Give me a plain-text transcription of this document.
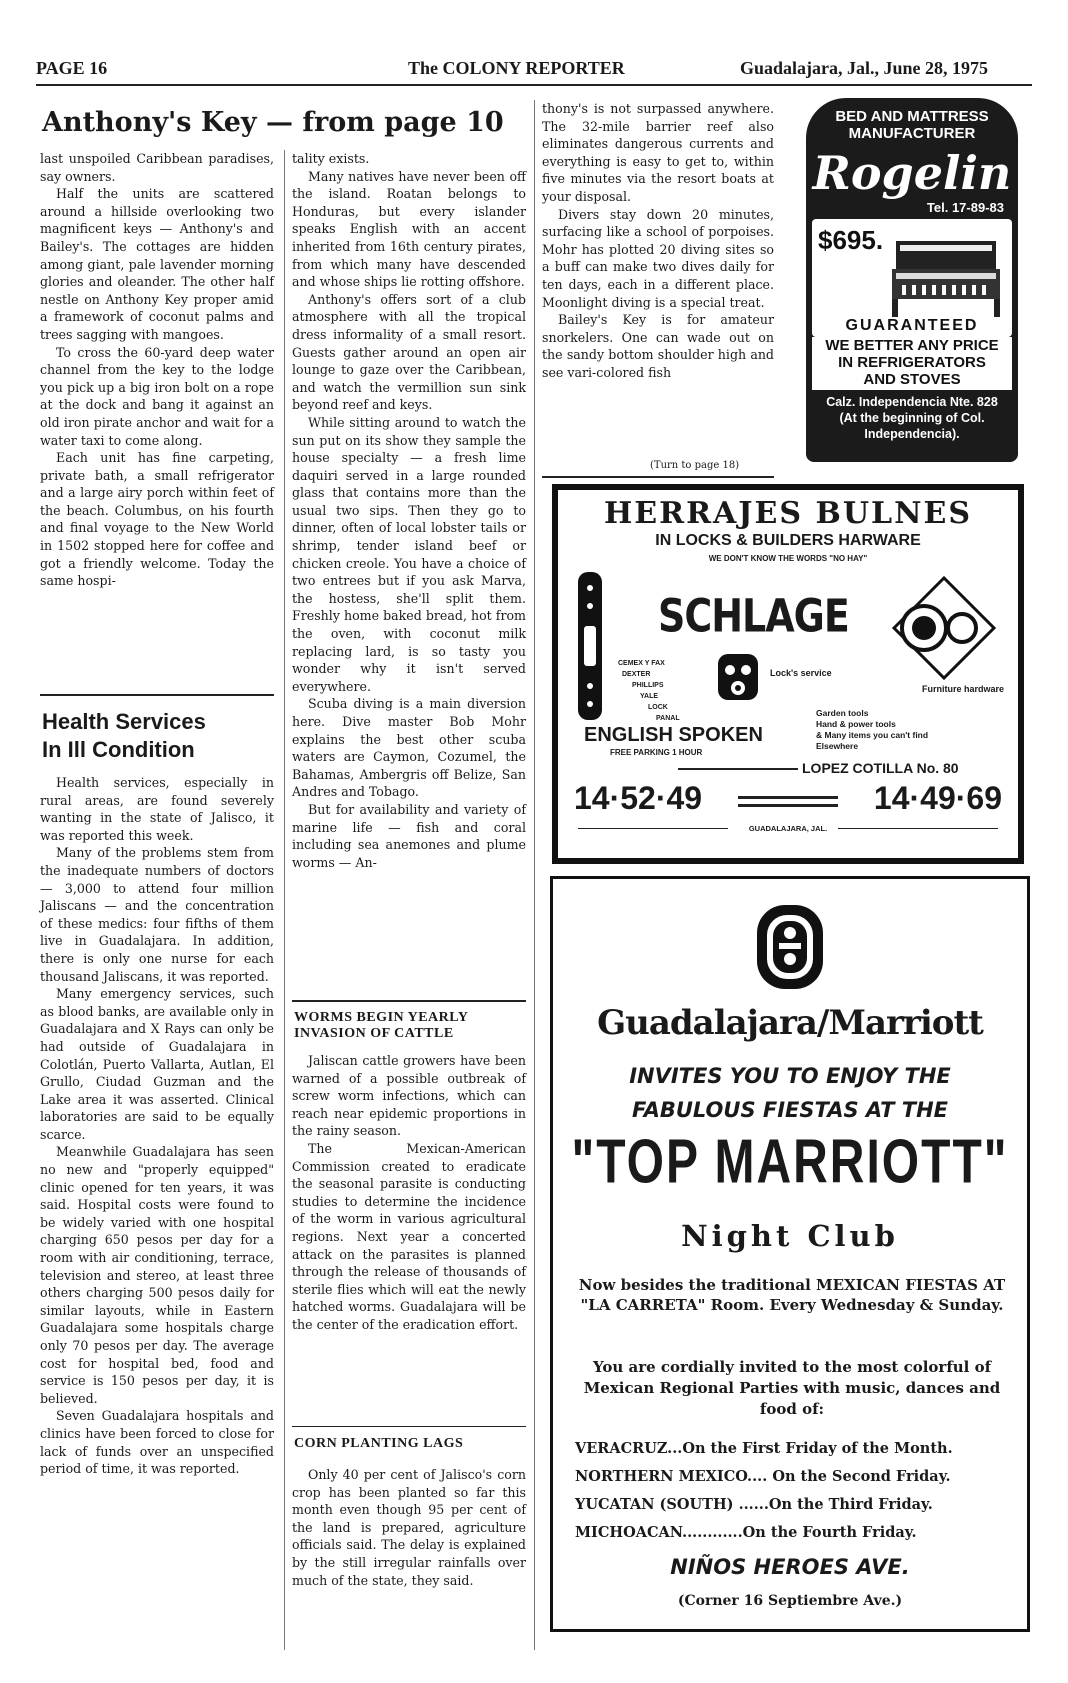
PAGE 16	The COLONY REPORTER	Guadalajara, Jal., June 28, 1975
Anthony's Key — from page 10

last unspoiled Caribbean paradises, say owners.

Half the units are scattered around a hillside overlooking two magnificent keys — Anthony's and Bailey's. The cottages are hidden among giant, pale lavender morning glories and oleander. The other half nestle on Anthony Key proper amid a framework of coconut palms and trees sagging with mangoes.

To cross the 60-yard deep water channel from the key to the lodge you pick up a big iron bolt on a rope at the dock and bang it against an old iron pirate anchor and wait for a water taxi to come along.

Each unit has fine carpeting, private bath, a small refrigerator and a large airy porch within feet of the beach. Columbus, on his fourth and final voyage to the New World in 1502 stopped here for coffee and got a friendly welcome. Today the same hospi-

Health Services
In Ill Condition

Health services, especially in rural areas, are found severely wanting in the state of Jalisco, it was reported this week.

Many of the problems stem from the inadequate numbers of doctors — 3,000 to attend four million Jaliscans — and the concentration of these medics: four fifths of them live in Guadalajara. In addition, there is only one nurse for each thousand Jaliscans, it was reported.

Many emergency services, such as blood banks, are available only in Guadalajara and X Rays can only be had outside of Guadalajara in Colotlán, Puerto Vallarta, Autlan, El Grullo, Ciudad Guzman and the Lake area it was asserted. Clinical laboratories are said to be equally scarce.

Meanwhile Guadalajara has seen no new and "properly equipped" clinic opened for ten years, it was said. Hospital costs were found to be widely varied with one hospital charging 650 pesos per day for a room with air conditioning, terrace, television and stereo, at least three others charging 500 pesos daily for similar layouts, while in Eastern Guadalajara some hospitals charge only 70 pesos per day. The average cost for hospital bed, food and service is 150 pesos per day, it is believed.

Seven Guadalajara hospitals and clinics have been forced to close for lack of funds over an unspecified period of time, it was reported.

tality exists.

Many natives have never been off the island. Roatan belongs to Honduras, but every islander speaks English with an accent inherited from 16th century pirates, from which many have descended and whose ships lie rotting offshore.

Anthony's offers sort of a club atmosphere with all the tropical dress informality of a small resort. Guests gather around an open air lounge to gaze over the Caribbean, and watch the vermillion sun sink beyond reef and keys.

While sitting around to watch the sun put on its show they sample the house specialty — a fresh lime daquiri served in a large rounded glass that contains more than the usual two sips. Then they go to dinner, often of local lobster tails or shrimp, tender island beef or chicken creole. You have a choice of two entrees but if you ask Marva, the hostess, she'll split them. Freshly home baked bread, hot from the oven, with coconut milk replacing lard, is so tasty you wonder why it isn't served everywhere.

Scuba diving is a main diversion here. Dive master Bob Mohr explains the best other scuba waters are Caymon, Cozumel, the Bahamas, Ambergris off Belize, San Andres and Tobago.

But for availability and variety of marine life — fish and coral including sea anemones and plume worms — An-

WORMS BEGIN YEARLY INVASION OF CATTLE

Jaliscan cattle growers have been warned of a possible outbreak of screw worm infections, which can reach near epidemic proportions in the rainy season.

The Mexican-American Commission created to eradicate the seasonal parasite is conducting studies to determine the incidence of the worm in various agricultural regions. Next year a concerted attack on the parasites is planned through the release of thousands of sterile flies which will eat the newly hatched worms. Guadalajara will be the center of the eradication effort.

CORN PLANTING LAGS

Only 40 per cent of Jalisco's corn crop has been planted so far this month even though 95 per cent of the land is prepared, agriculture officials said. The delay is explained by the still irregular rainfalls over much of the state, they said.

thony's is not surpassed anywhere. The 32-mile barrier reef also eliminates dangerous currents and everything is easy to get to, within five minutes via the resort boats at your disposal.

Divers stay down 20 minutes, surfacing like a school of porpoises. Mohr has plotted 20 diving sites so a buff can make two dives daily for ten days, each in a different place. Moonlight diving is a special treat.

Bailey's Key is for amateur snorkelers. One can wade out on the sandy bottom shoulder high and see vari-colored fish

(Turn to page 18)
BED AND MATTRESS
MANUFACTURER
Rogelin
Tel. 17-89-83
$695.
GUARANTEED
WE BETTER ANY PRICE
IN REFRIGERATORS
AND STOVES
Calz. Independencia Nte. 828
(At the beginning of Col.
Independencia).
HERRAJES BULNES
IN LOCKS & BUILDERS HARWARE
WE DON'T KNOW THE WORDS "NO HAY"
SCHLAGE
CEMEX Y FAX
DEXTER
PHILLIPS
YALE
LOCK
PANAL
Lock's service
Furniture hardware
Garden tools
Hand & power tools
& Many items you can't find
Elsewhere
ENGLISH SPOKEN
FREE PARKING 1 HOUR
LOPEZ COTILLA No. 80
14·52·49	14·49·69
GUADALAJARA, JAL.
Guadalajara/Marriott
INVITES YOU TO ENJOY THE
FABULOUS FIESTAS AT THE
"TOP MARRIOTT"
Night Club
Now besides the traditional MEXICAN FIESTAS AT "LA CARRETA" Room. Every Wednesday & Sunday.
You are cordially invited to the most colorful of Mexican Regional Parties with music, dances and food of:
VERACRUZ...On the First Friday of the Month.
NORTHERN MEXICO.... On the Second Friday.
YUCATAN (SOUTH) ......On the Third Friday.
MICHOACAN............On the Fourth Friday.
NIÑOS HEROES AVE.
(Corner 16 Septiembre Ave.)
